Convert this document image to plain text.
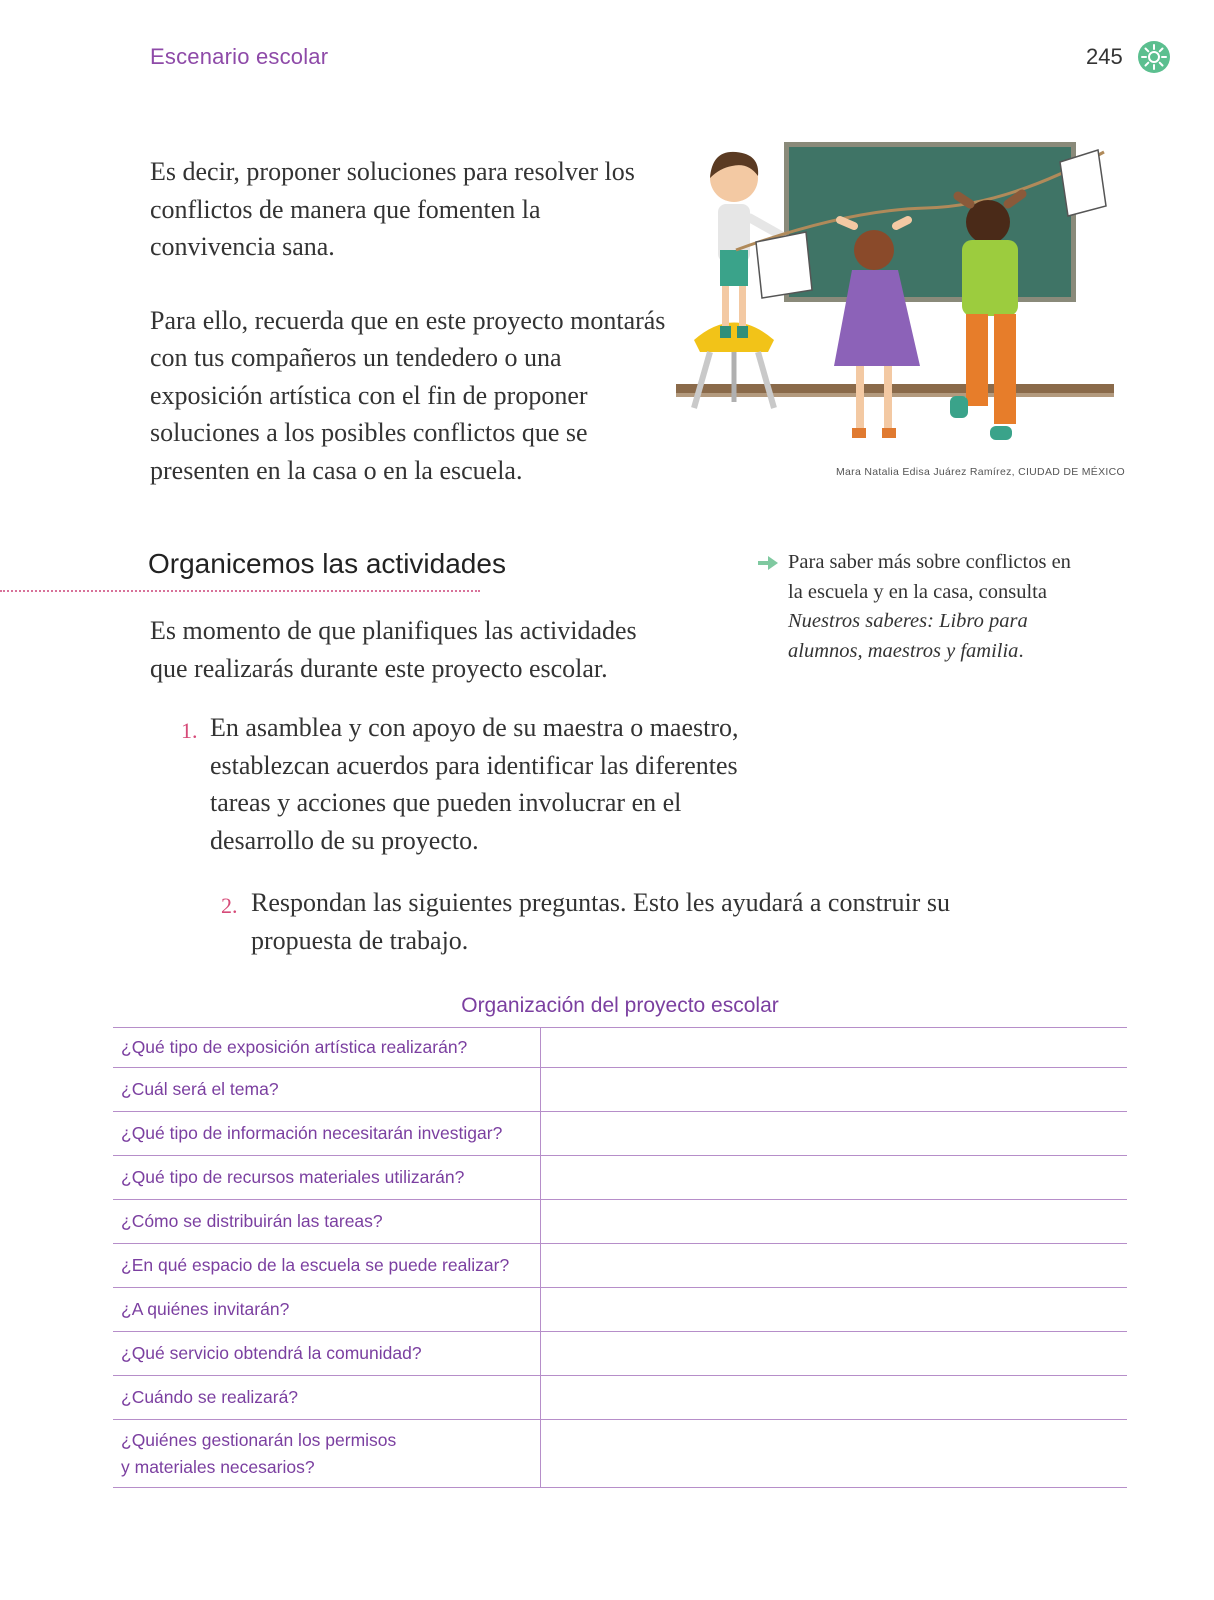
Escenario escolar	245

Es decir, proponer soluciones para resolver los conflictos de manera que fomenten la convivencia sana.

Para ello, recuerda que en este proyecto montarás con tus compañeros un tendedero o una exposición artística con el fin de proponer soluciones a los posibles conflictos que se presenten en la casa o en la escuela.	Mara Natalia Edisa Juárez Ramírez, CIUDAD DE MÉXICO
Organicemos las actividades	Para saber más sobre conflictos en la escuela y en la casa, consulta Nuestros saberes: Libro para alumnos, maestros y familia.
Es momento de que planifiques las actividades que realizarás durante este proyecto escolar.
1. En asamblea y con apoyo de su maestra o maestro, establezcan acuerdos para identificar las diferentes tareas y acciones que pueden involucrar en el desarrollo de su proyecto.
2. Respondan las siguientes preguntas. Esto les ayudará a construir su propuesta de trabajo.
Organización del proyecto escolar
¿Qué tipo de exposición artística realizarán?	
¿Cuál será el tema?	
¿Qué tipo de información necesitarán investigar?	
¿Qué tipo de recursos materiales utilizarán?	
¿Cómo se distribuirán las tareas?	
¿En qué espacio de la escuela se puede realizar?	
¿A quiénes invitarán?	
¿Qué servicio obtendrá la comunidad?	
¿Cuándo se realizará?	

¿Quiénes gestionarán los permisos
y materiales necesarios?	
